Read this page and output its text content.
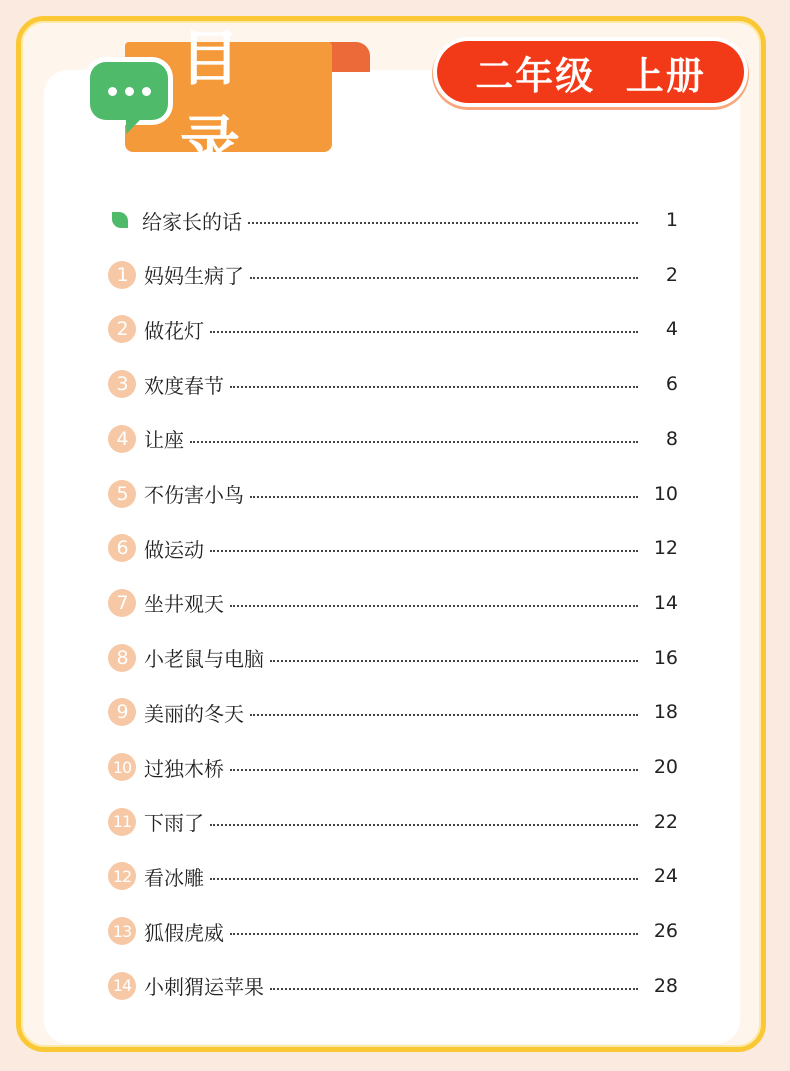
目录
二年级  上册
给家长的话	1
1 妈妈生病了	2
2 做花灯	4
3 欢度春节	6
4 让座	8
5 不伤害小鸟	10
6 做运动	12
7 坐井观天	14
8 小老鼠与电脑	16
9 美丽的冬天	18
10 过独木桥	20
11 下雨了	22
12 看冰雕	24
13 狐假虎威	26
14 小刺猬运苹果	28
